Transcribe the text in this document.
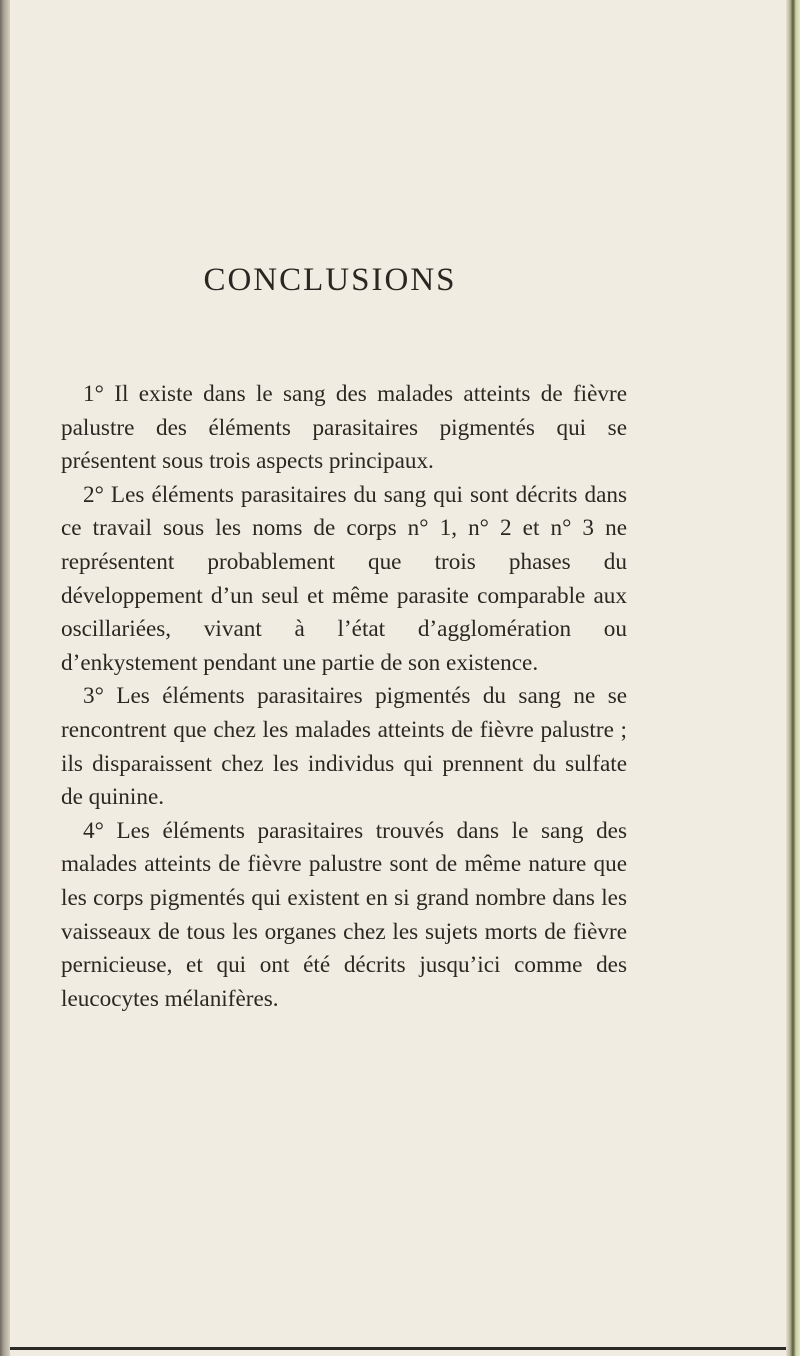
CONCLUSIONS

1° Il existe dans le sang des malades atteints de fièvre palustre des éléments parasitaires pigmentés qui se présentent sous trois aspects principaux.

2° Les éléments parasitaires du sang qui sont décrits dans ce travail sous les noms de corps n° 1, n° 2 et n° 3 ne représentent probablement que trois phases du développement d’un seul et même parasite comparable aux oscillariées, vivant à l’état d’agglomération ou d’enkystement pendant une partie de son existence.

3° Les éléments parasitaires pigmentés du sang ne se rencontrent que chez les malades atteints de fièvre palustre ; ils disparaissent chez les individus qui prennent du sulfate de quinine.

4° Les éléments parasitaires trouvés dans le sang des malades atteints de fièvre palustre sont de même nature que les corps pigmentés qui existent en si grand nombre dans les vaisseaux de tous les organes chez les sujets morts de fièvre pernicieuse, et qui ont été décrits jusqu’ici comme des leucocytes mélanifères.
